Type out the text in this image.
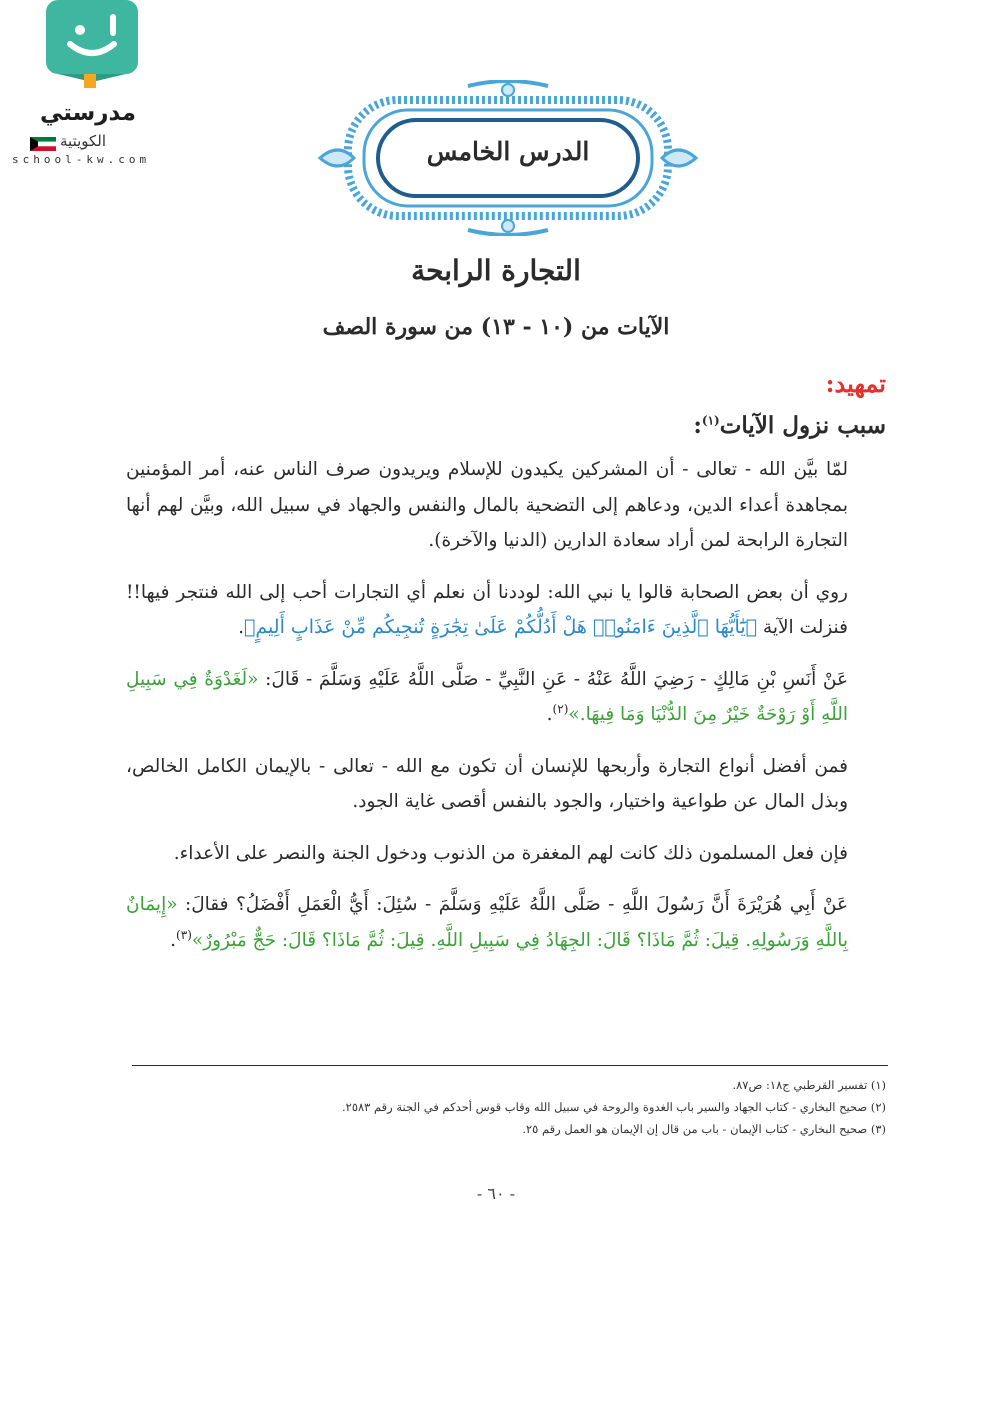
مدرستي
الكويتية
school-kw.com	الدرس الخامس
التجارة الرابحة
الآيات من (١٠ - ١٣) من سورة الصف
تمهيد:
سبب نزول الآيات$^{(١)}$:

لمّا بيَّن الله - تعالى - أن المشركين يكيدون للإسلام ويريدون صرف الناس عنه، أمر المؤمنين بمجاهدة أعداء الدين، ودعاهم إلى التضحية بالمال والنفس والجهاد في سبيل الله، وبيَّن لهم أنها التجارة الرابحة لمن أراد سعادة الدارين (الدنيا والآخرة).

روي أن بعض الصحابة قالوا يا نبي الله: لوددنا أن نعلم أي التجارات أحب إلى الله فنتجر فيها!! فنزلت الآية ﴿يَٰٓأَيُّهَا ٱلَّذِينَ ءَامَنُوا۟ هَلْ أَدُلُّكُمْ عَلَىٰ تِجَٰرَةٍ تُنجِيكُم مِّنْ عَذَابٍ أَلِيمٍ﴾.

عَنْ أَنَسِ بْنِ مَالِكٍ - رَضِيَ اللَّهُ عَنْهُ - عَنِ النَّبِيِّ - صَلَّى اللَّهُ عَلَيْهِ وَسَلَّمَ - قَالَ: «لَغَدْوَةٌ فِي سَبِيلِ اللَّهِ أَوْ رَوْحَةٌ خَيْرٌ مِنَ الدُّنْيَا وَمَا فِيهَا.»$^{(٢)}$.

فمن أفضل أنواع التجارة وأربحها للإنسان أن تكون مع الله - تعالى - بالإيمان الكامل الخالص، وبذل المال عن طواعية واختيار، والجود بالنفس أقصى غاية الجود.

فإن فعل المسلمون ذلك كانت لهم المغفرة من الذنوب ودخول الجنة والنصر على الأعداء.

عَنْ أَبِي هُرَيْرَةَ أَنَّ رَسُولَ اللَّهِ - صَلَّى اللَّهُ عَلَيْهِ وَسَلَّمَ - سُئِلَ: أَيُّ الْعَمَلِ أَفْضَلُ؟ فقالَ: «إِيمَانٌ بِاللَّهِ وَرَسُولِهِ. قِيلَ: ثُمَّ مَاذَا؟ قَالَ: الجِهَادُ فِي سَبِيلِ اللَّهِ. قِيلَ: ثُمَّ مَاذَا؟ قَالَ: حَجٌّ مَبْرُورٌ»$^{(٣)}$.

(١) تفسير القرطبي ج١٨: ص٨٧.
(٢) صحيح البخاري - كتاب الجهاد والسير باب الغدوة والروحة في سبيل الله وقاب قوس أحدكم في الجنة رقم ٢٥٨٣.
(٣) صحيح البخاري - كتاب الإيمان - باب من قال إن الإيمان هو العمل رقم ٢٥.
- ٦٠ -
